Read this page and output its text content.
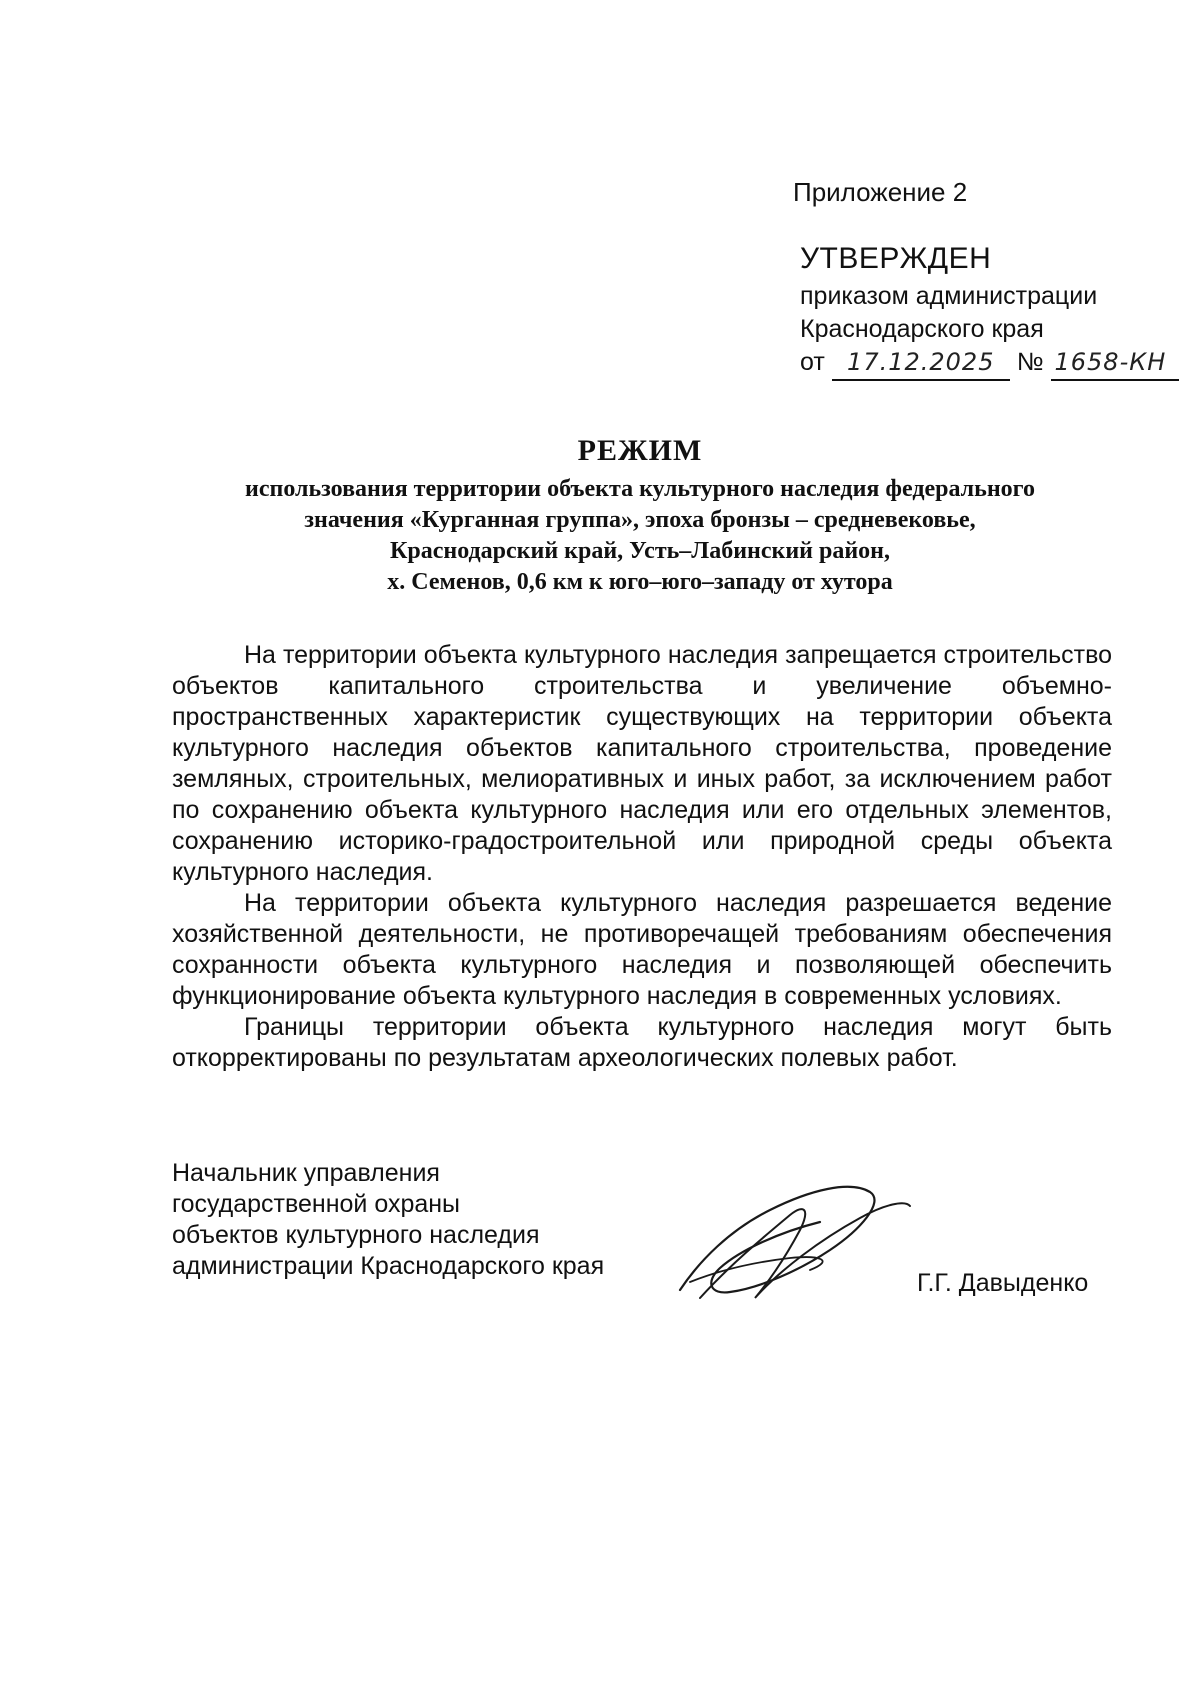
Приложение 2
УТВЕРЖДЕН
приказом администрации
Краснодарского края
от 17.12.2025 № 1658-КН
РЕЖИМ
использования территории объекта культурного наследия федерального
значения «Курганная группа», эпоха бронзы – средневековье,
Краснодарский край, Усть–Лабинский район,
х. Семенов, 0,6 км к юго–юго–западу от хутора

На территории объекта культурного наследия запрещается строительство объектов капитального строительства и увеличение объемно-пространственных характеристик существующих на территории объекта культурного наследия объектов капитального строительства, проведение земляных, строительных, мелиоративных и иных работ, за исключением работ по сохранению объекта культурного наследия или его отдельных элементов, сохранению историко-градостроительной или природной среды объекта культурного наследия.

На территории объекта культурного наследия разрешается ведение хозяйственной деятельности, не противоречащей требованиям обеспечения сохранности объекта культурного наследия и позволяющей обеспечить функционирование объекта культурного наследия в современных условиях.

Границы территории объекта культурного наследия могут быть откорректированы по результатам археологических полевых работ.

Начальник управления
государственной охраны
объектов культурного наследия
администрации Краснодарского края
Г.Г. Давыденко
